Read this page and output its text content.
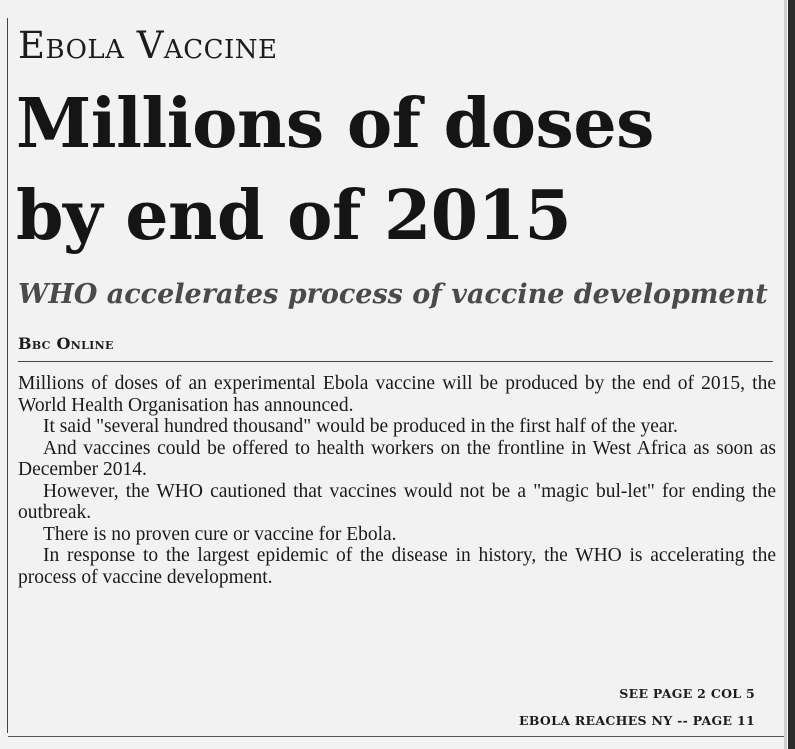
Ebola Vaccine
Millions of doses
by end of 2015
WHO accelerates process of vaccine development
Bbc Online

Millions of doses of an experimental Ebola vaccine will be produced by the end of 2015, the World Health Organisation has announced.

It said "several hundred thousand" would be produced in the first half of the year.

And vaccines could be offered to health workers on the frontline in West Africa as soon as December 2014.

However, the WHO cautioned that vaccines would not be a "magic bul-let" for ending the outbreak.

There is no proven cure or vaccine for Ebola.

In response to the largest epidemic of the disease in history, the WHO is accelerating the process of vaccine development.

SEE PAGE 2 COL 5
EBOLA REACHES NY -- PAGE 11
